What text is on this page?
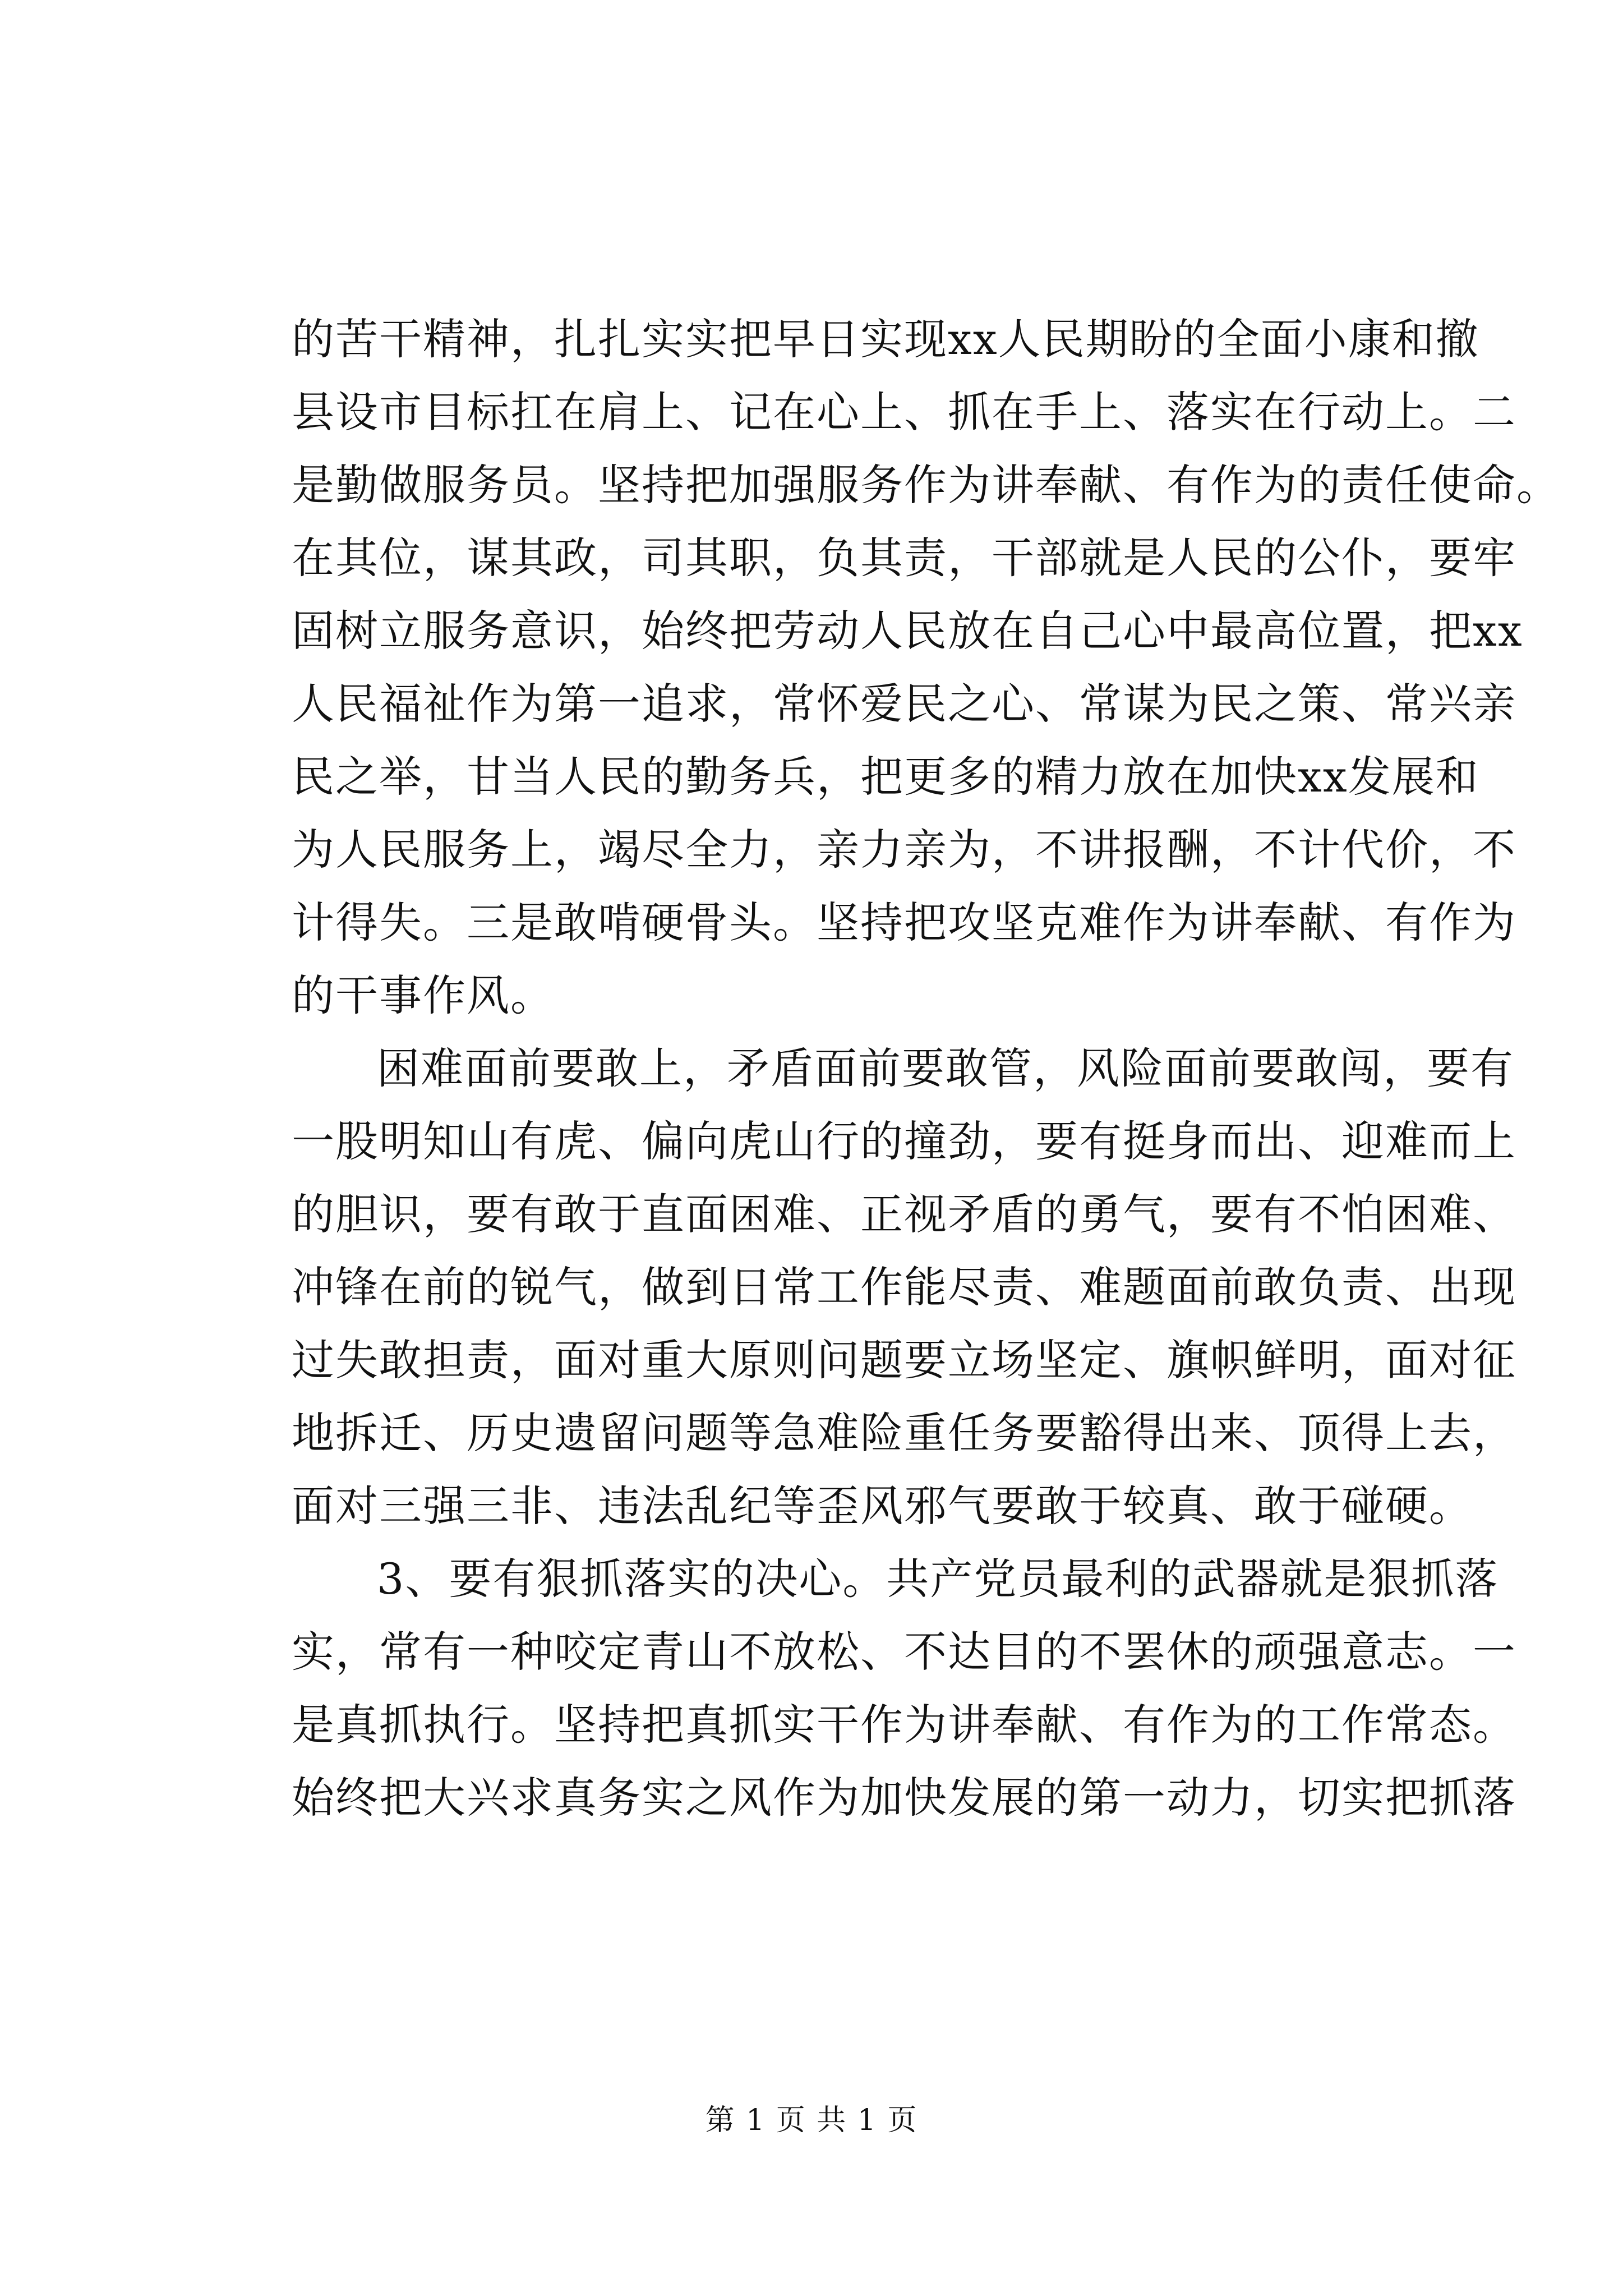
的苦干精神，扎扎实实把早日实现xx人民期盼的全面小康和撤
县设市目标扛在肩上、记在心上、抓在手上、落实在行动上。二
是勤做服务员。坚持把加强服务作为讲奉献、有作为的责任使命。
在其位，谋其政，司其职，负其责，干部就是人民的公仆，要牢
固树立服务意识，始终把劳动人民放在自己心中最高位置，把xx
人民福祉作为第一追求，常怀爱民之心、常谋为民之策、常兴亲
民之举，甘当人民的勤务兵，把更多的精力放在加快xx发展和
为人民服务上，竭尽全力，亲力亲为，不讲报酬，不计代价，不
计得失。三是敢啃硬骨头。坚持把攻坚克难作为讲奉献、有作为
的干事作风。
困难面前要敢上，矛盾面前要敢管，风险面前要敢闯，要有
一股明知山有虎、偏向虎山行的撞劲，要有挺身而出、迎难而上
的胆识，要有敢于直面困难、正视矛盾的勇气，要有不怕困难、
冲锋在前的锐气，做到日常工作能尽责、难题面前敢负责、出现
过失敢担责，面对重大原则问题要立场坚定、旗帜鲜明，面对征
地拆迁、历史遗留问题等急难险重任务要豁得出来、顶得上去，
面对三强三非、违法乱纪等歪风邪气要敢于较真、敢于碰硬。
3、要有狠抓落实的决心。共产党员最利的武器就是狠抓落
实，常有一种咬定青山不放松、不达目的不罢休的顽强意志。一
是真抓执行。坚持把真抓实干作为讲奉献、有作为的工作常态。
始终把大兴求真务实之风作为加快发展的第一动力，切实把抓落
第 1 页 共 1 页
